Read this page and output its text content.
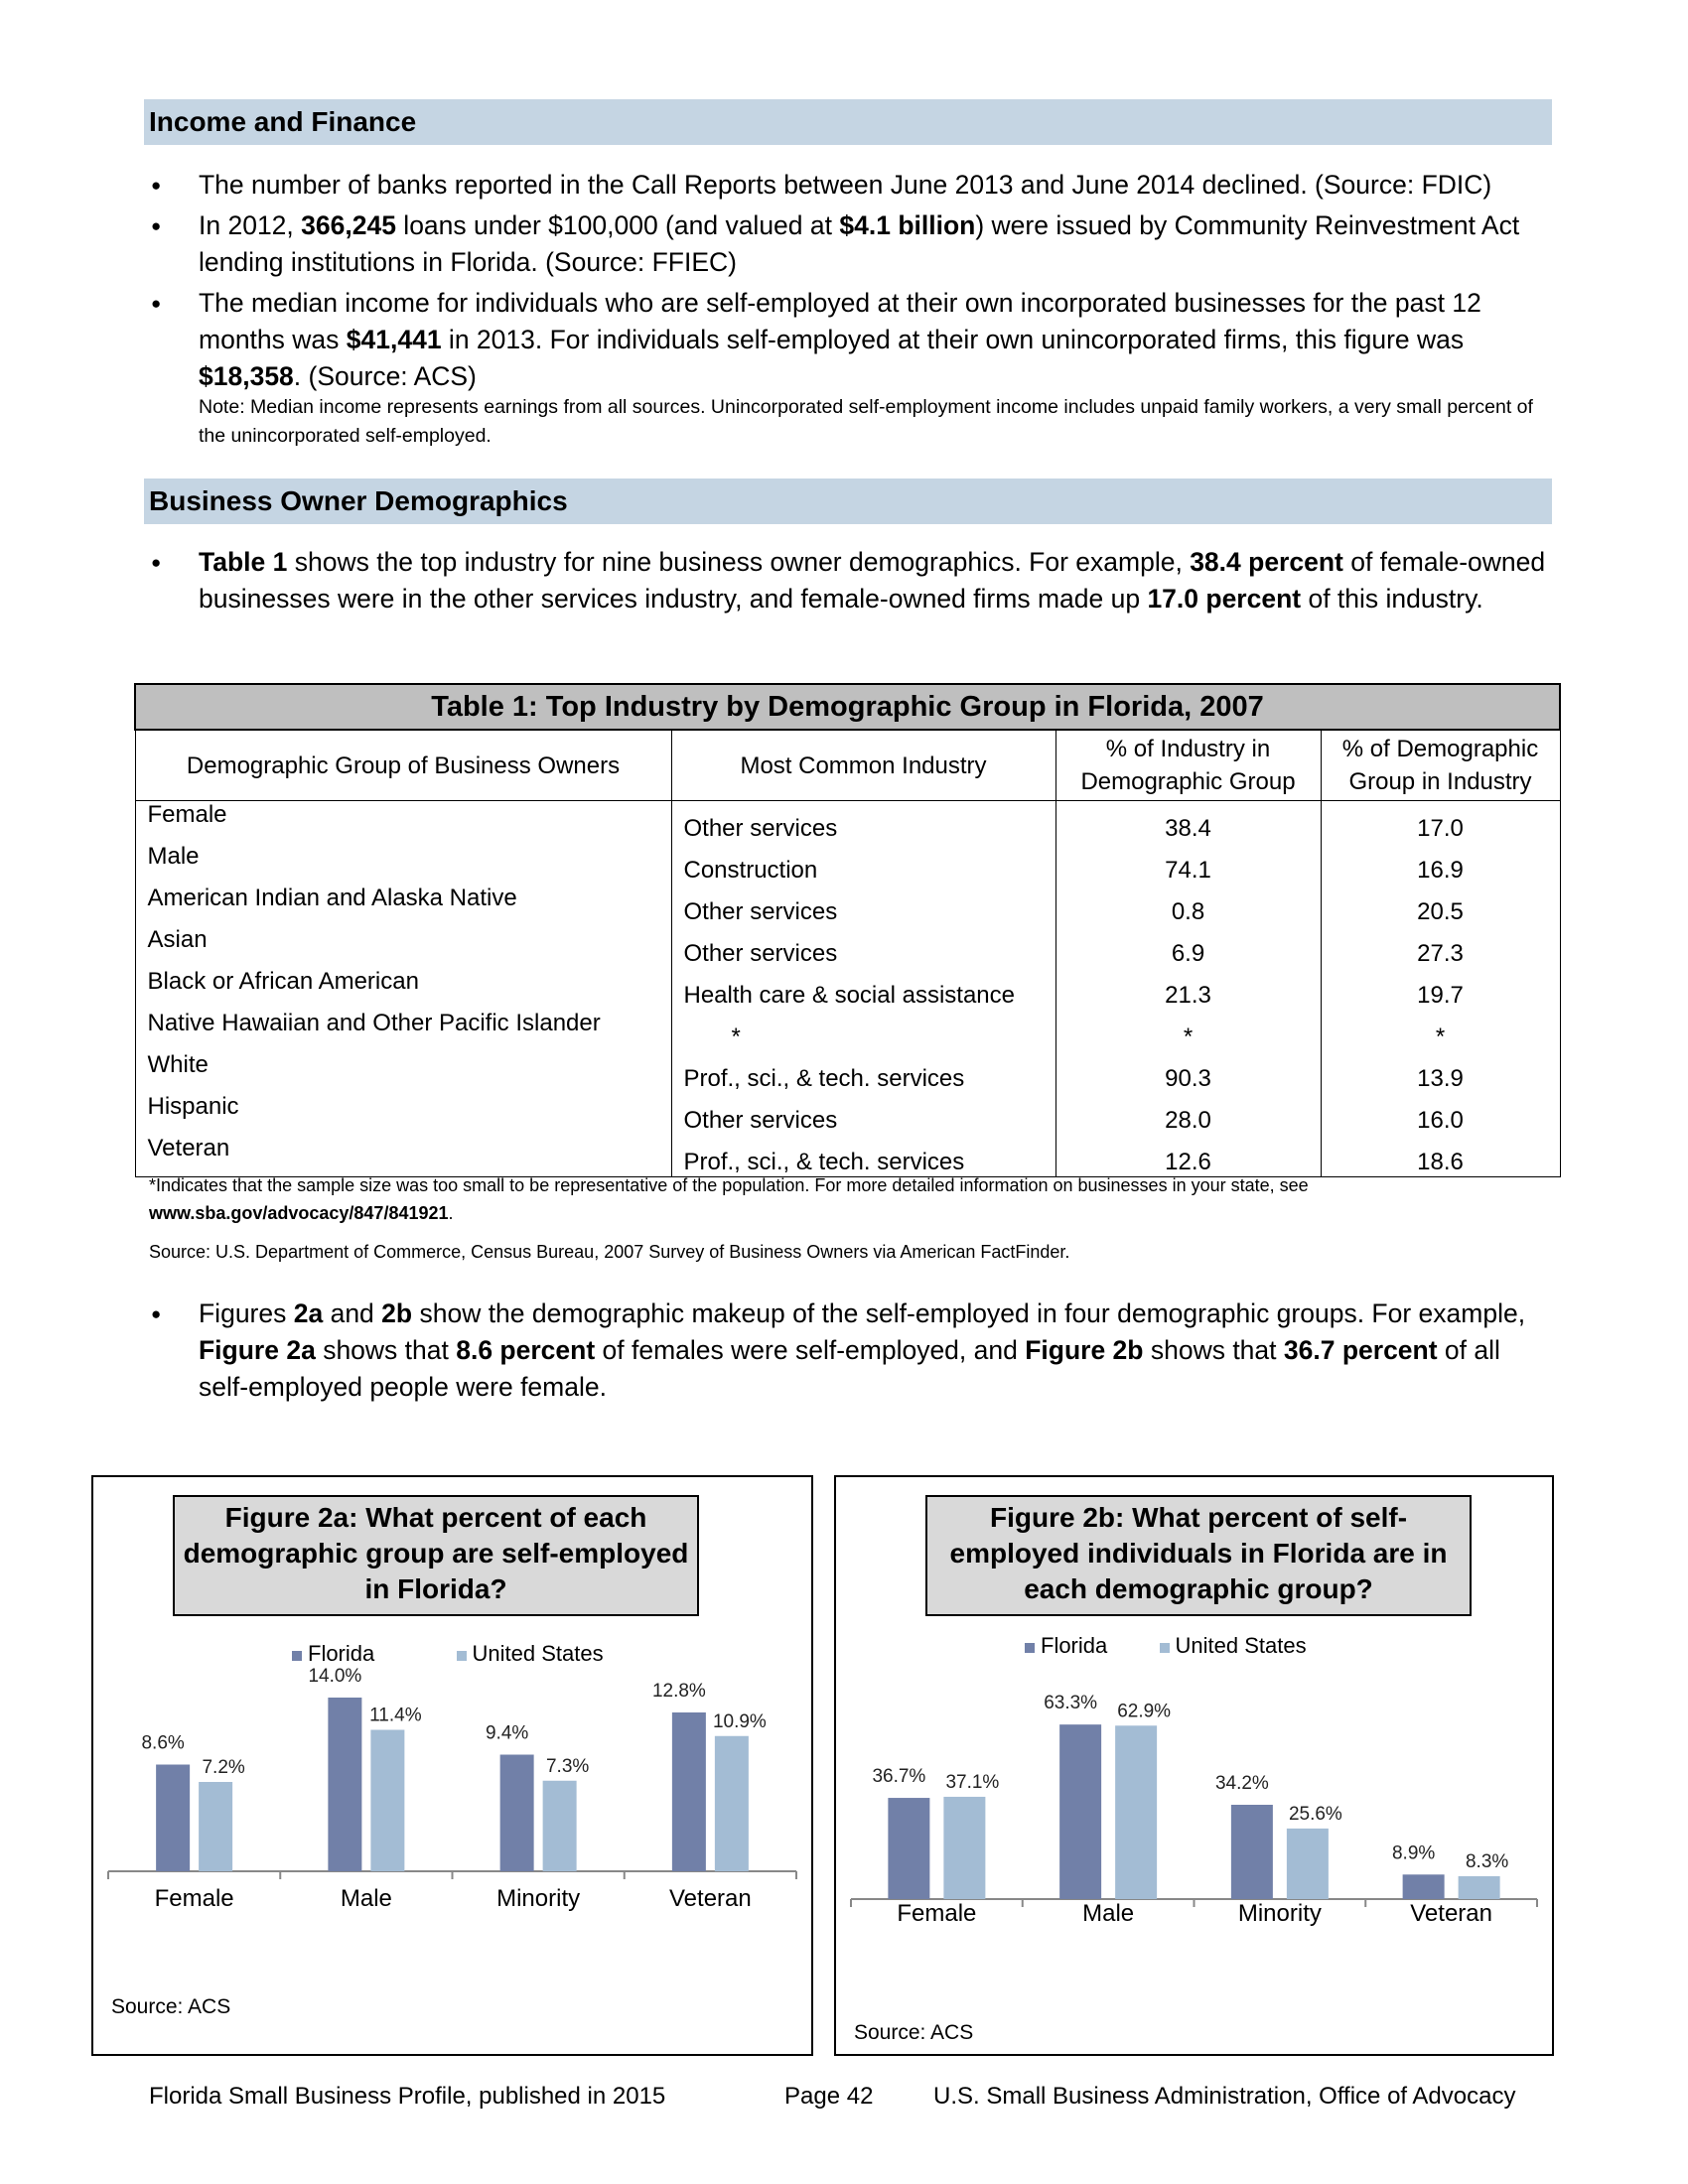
Income and Finance
● The number of banks reported in the Call Reports between June 2013 and June 2014 declined. (Source: FDIC)
● In 2012, 366,245 loans under $100,000 (and valued at $4.1 billion) were issued by Community Reinvestment Act lending institutions in Florida. (Source: FFIEC)
● The median income for individuals who are self-employed at their own incorporated businesses for the past 12 months was $41,441 in 2013. For individuals self-employed at their own unincorporated firms, this figure was $18,358. (Source: ACS)
Note: Median income represents earnings from all sources. Unincorporated self-employment income includes unpaid family workers, a very small percent of the unincorporated self-employed.
Business Owner Demographics
● Table 1 shows the top industry for nine business owner demographics. For example, 38.4 percent of female-owned businesses were in the other services industry, and female-owned firms made up 17.0 percent of this industry.
Table 1: Top Industry by Demographic Group in Florida, 2007			
Demographic Group of Business Owners	Most Common Industry	% of Industry in Demographic Group	% of Demographic Group in Industry
Female	Other services	38.4	17.0
Male	Construction	74.1	16.9
American Indian and Alaska Native	Other services	0.8	20.5
Asian	Other services	6.9	27.3
Black or African American	Health care & social assistance	21.3	19.7
Native Hawaiian and Other Pacific Islander	*	*	*
White	Prof., sci., & tech. services	90.3	13.9
Hispanic	Other services	28.0	16.0
Veteran	Prof., sci., & tech. services	12.6	18.6
*Indicates that the sample size was too small to be representative of the population. For more detailed information on businesses in your state, see
www.sba.gov/advocacy/847/841921.
Source: U.S. Department of Commerce, Census Bureau, 2007 Survey of Business Owners via American FactFinder.
● Figures 2a and 2b show the demographic makeup of the self-employed in four demographic groups. For example, Figure 2a shows that 8.6 percent of females were self-employed, and Figure 2b shows that 36.7 percent of all self-employed people were female.
Figure 2a: What percent of each demographic group are self-employed in Florida?
Florida	United States
Female
8.6%
7.2%
Male
14.0%
11.4%
Minority
9.4%
7.3%
Veteran
12.8%
10.9%
Source: ACS
Figure 2b: What percent of self-employed individuals in Florida are in each demographic group?
Florida	United States
Female
36.7% 37.1%
Male
63.3% 62.9%
Minority
34.2%
25.6%
Veteran
8.9% 8.3%
Source: ACS
Florida Small Business Profile, published in 2015	Page 42	U.S. Small Business Administration, Office of Advocacy
